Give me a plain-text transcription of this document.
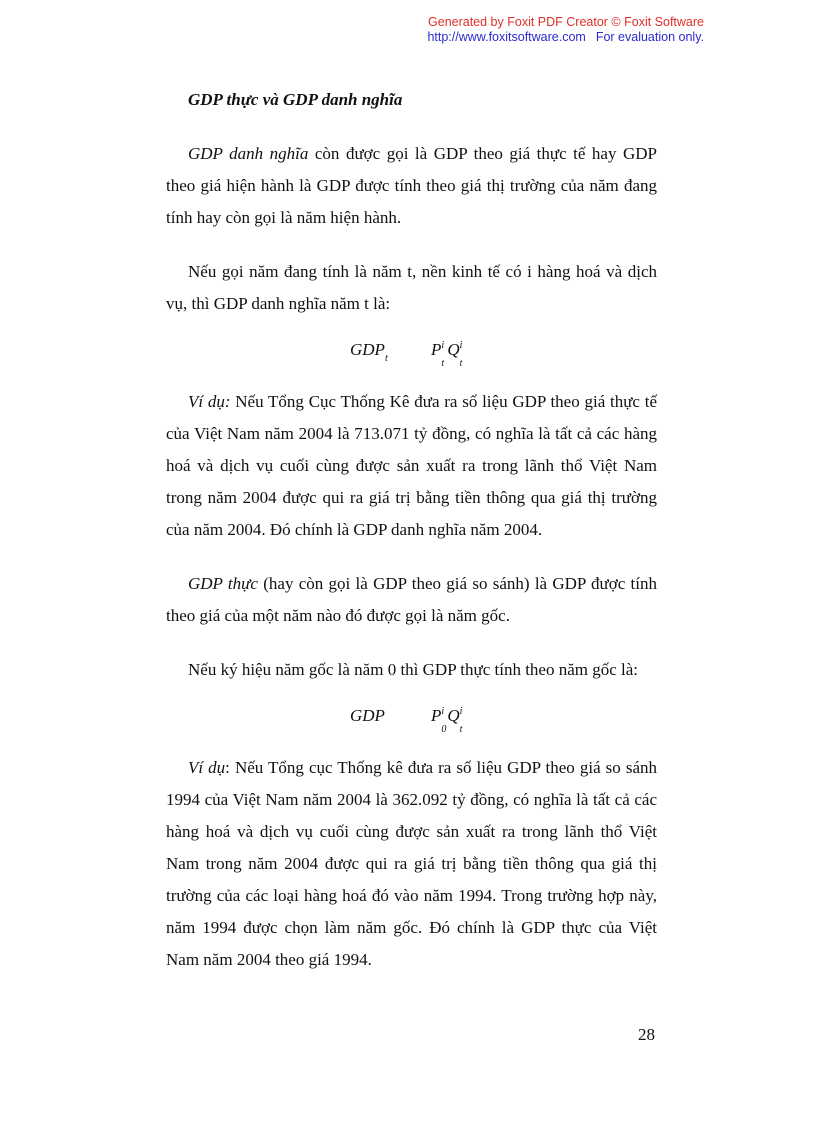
Generated by Foxit PDF Creator © Foxit Software
http://www.foxitsoftware.com For evaluation only.

GDP thực và GDP danh nghĩa

GDP danh nghĩa còn được gọi là GDP theo giá thực tế hay GDP theo giá hiện hành là GDP được tính theo giá thị trường của năm đang tính hay còn gọi là năm hiện hành.

Nếu gọi năm đang tính là năm t, nền kinh tế có i hàng hoá và dịch vụ, thì GDP danh nghĩa năm t là:

$GDP_t$	P i
t
Q i
t

Ví dụ: Nếu Tổng Cục Thống Kê đưa ra số liệu GDP theo giá thực tế của Việt Nam năm 2004 là 713.071 tỷ đồng, có nghĩa là tất cả các hàng hoá và dịch vụ cuối cùng được sản xuất ra trong lãnh thổ Việt Nam trong năm 2004 được qui ra giá trị bằng tiền thông qua giá thị trường của năm 2004. Đó chính là GDP danh nghĩa năm 2004.

GDP thực (hay còn gọi là GDP theo giá so sánh) là GDP được tính theo giá của một năm nào đó được gọi là năm gốc.

Nếu ký hiệu năm gốc là năm 0 thì GDP thực tính theo năm gốc là:

GDP	P i
0
Q i
t

Ví dụ: Nếu Tổng cục Thống kê đưa ra số liệu GDP theo giá so sánh 1994 của Việt Nam năm 2004 là 362.092 tỷ đồng, có nghĩa là tất cả các hàng hoá và dịch vụ cuối cùng được sản xuất ra trong lãnh thổ Việt Nam trong năm 2004 được qui ra giá trị bằng tiền thông qua giá thị trường của các loại hàng hoá đó vào năm 1994. Trong trường hợp này, năm 1994 được chọn làm năm gốc. Đó chính là GDP thực của Việt Nam năm 2004 theo giá 1994.

28
